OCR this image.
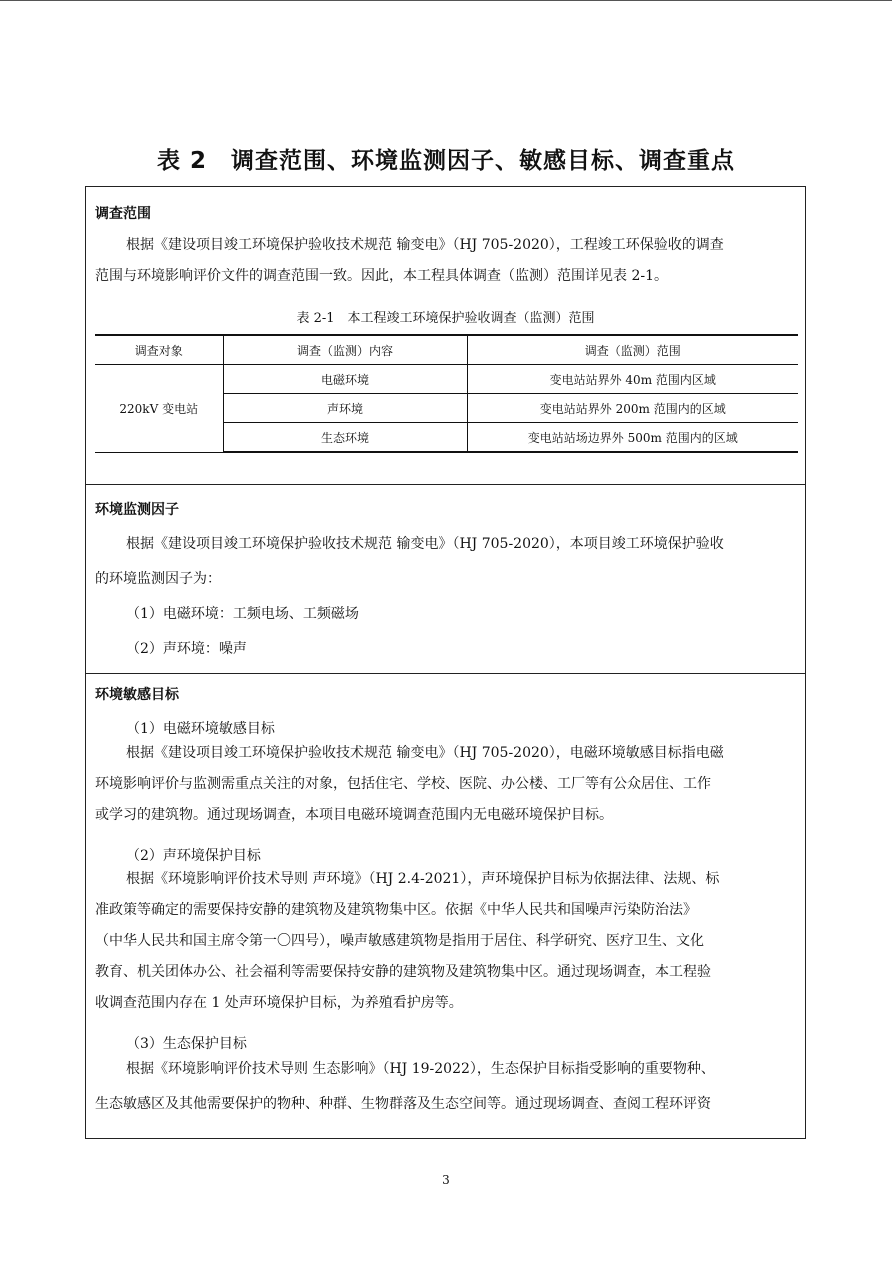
表 2　调查范围、环境监测因子、敏感目标、调查重点
调查范围
根据《建设项目竣工环境保护验收技术规范 输变电》（HJ 705-2020），工程竣工环保验收的调查
范围与环境影响评价文件的调查范围一致。因此，本工程具体调查（监测）范围详见表 2-1。
表 2-1　本工程竣工环境保护验收调查（监测）范围
调查对象	调查（监测）内容	调查（监测）范围
220kV 变电站	电磁环境	变电站站界外 40m 范围内区域
	声环境	变电站站界外 200m 范围内的区域
	生态环境	变电站站场边界外 500m 范围内的区域
环境监测因子
根据《建设项目竣工环境保护验收技术规范 输变电》（HJ 705-2020），本项目竣工环境保护验收
的环境监测因子为：
（1）电磁环境：工频电场、工频磁场
（2）声环境：噪声
环境敏感目标
（1）电磁环境敏感目标
根据《建设项目竣工环境保护验收技术规范 输变电》（HJ 705-2020），电磁环境敏感目标指电磁
环境影响评价与监测需重点关注的对象，包括住宅、学校、医院、办公楼、工厂等有公众居住、工作
或学习的建筑物。通过现场调查，本项目电磁环境调查范围内无电磁环境保护目标。
（2）声环境保护目标
根据《环境影响评价技术导则 声环境》（HJ 2.4-2021），声环境保护目标为依据法律、法规、标
准政策等确定的需要保持安静的建筑物及建筑物集中区。依据《中华人民共和国噪声污染防治法》
（中华人民共和国主席令第一〇四号），噪声敏感建筑物是指用于居住、科学研究、医疗卫生、文化
教育、机关团体办公、社会福利等需要保持安静的建筑物及建筑物集中区。通过现场调查，本工程验
收调查范围内存在 1 处声环境保护目标，为养殖看护房等。
（3）生态保护目标
根据《环境影响评价技术导则 生态影响》（HJ 19-2022），生态保护目标指受影响的重要物种、
生态敏感区及其他需要保护的物种、种群、生物群落及生态空间等。通过现场调查、查阅工程环评资
3
